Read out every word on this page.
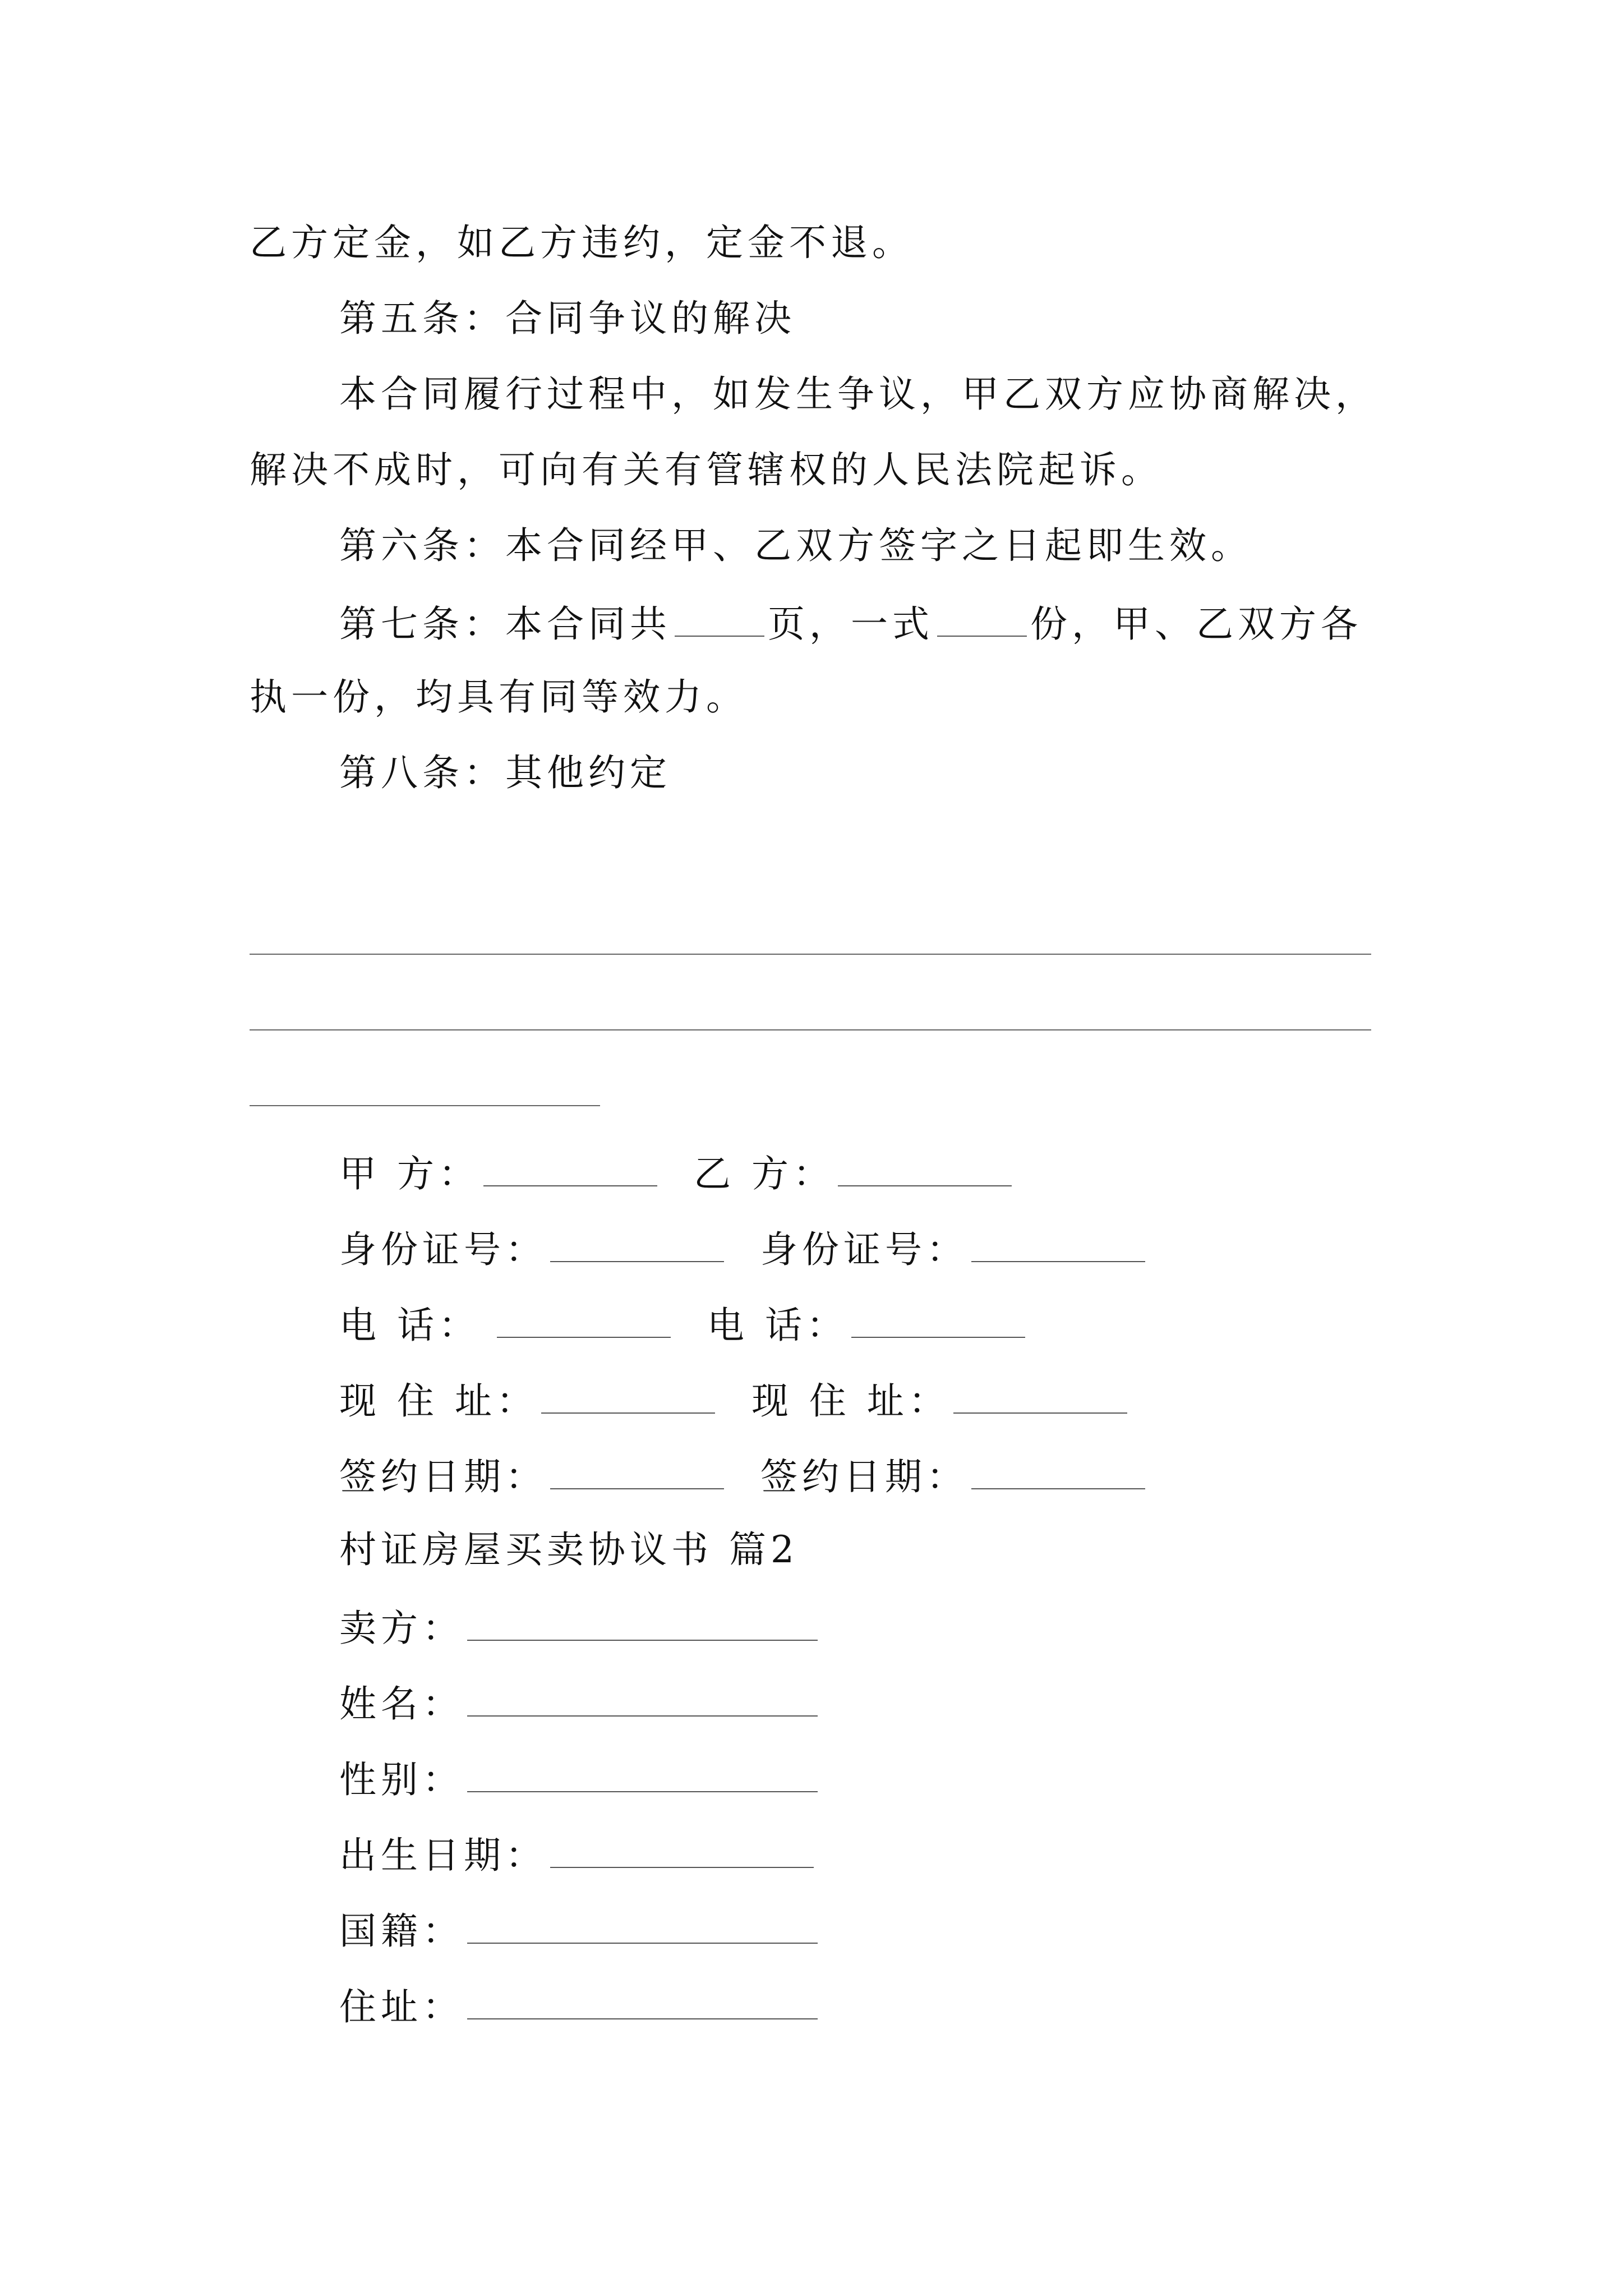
乙方定金，如乙方违约，定金不退。
第五条：合同争议的解决
本合同履行过程中，如发生争议，甲乙双方应协商解决，
解决不成时，可向有关有管辖权的人民法院起诉。
第六条：本合同经甲、乙双方签字之日起即生效。
第七条：本合同共	页，一式	份，甲、乙双方各
执一份，均具有同等效力。
第八条：其他约定
甲 方：	乙 方：
身份证号：	身份证号：
电 话：	电 话：
现 住 址：	现 住 址：
签约日期：	签约日期：
村证房屋买卖协议书 篇2
卖方：
姓名：
性别：
出生日期：
国籍：
住址：
